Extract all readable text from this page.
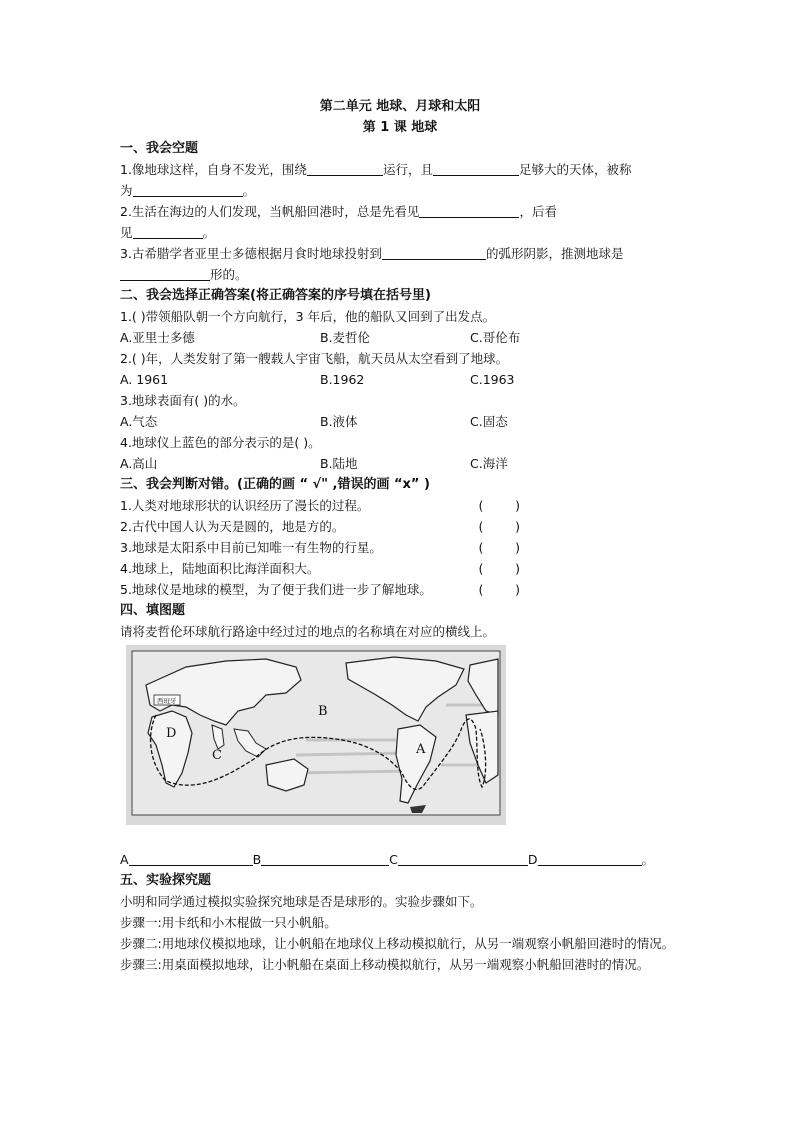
第二单元 地球、月球和太阳
第 1 课 地球
一、我会空题
1.像地球这样，自身不发光，围绕	运行，且	足够大的天体，被称
为	。
2.生活在海边的人们发现，当帆船回港时，总是先看见	，后看
见	。
3.古希腊学者亚里士多德根据月食时地球投射到	的弧形阴影，推测地球是
形的。
二、我会选择正确答案(将正确答案的序号填在括号里)
1.( )带领船队朝一个方向航行，3 年后，他的船队又回到了出发点。
A.亚里士多德	B.麦哲伦	C.哥伦布
2.( )年，人类发射了第一艘载人宇宙飞船，航天员从太空看到了地球。
A. 1961	B.1962	C.1963
3.地球表面有( )的水。
A.气态	B.液体	C.固态
4.地球仪上蓝色的部分表示的是( )。
A.高山	B.陆地	C.海洋
三、我会判断对错。(正确的画 “ √" ,错误的画 “x” )
1.人类对地球形状的认识经历了漫长的过程。	(        )
2.古代中国人认为天是圆的，地是方的。	(        )
3.地球是太阳系中目前已知唯一有生物的行星。	(        )
4.地球上，陆地面积比海洋面积大。	(        )
5.地球仪是地球的模型，为了便于我们进一步了解地球。	(        )
四、填图题
请将麦哲伦环球航行路途中经过过的地点的名称填在对应的横线上。
西班牙
D
C
B
A
A	B	C	D	。
五、实验探究题
小明和同学通过模拟实验探究地球是否是球形的。实验步骤如下。
步骤一:用卡纸和小木棍做一只小帆船。
步骤二:用地球仪模拟地球，让小帆船在地球仪上移动模拟航行，从另一端观察小帆船回港时的情况。
步骤三:用桌面模拟地球，让小帆船在桌面上移动模拟航行，从另一端观察小帆船回港时的情况。
